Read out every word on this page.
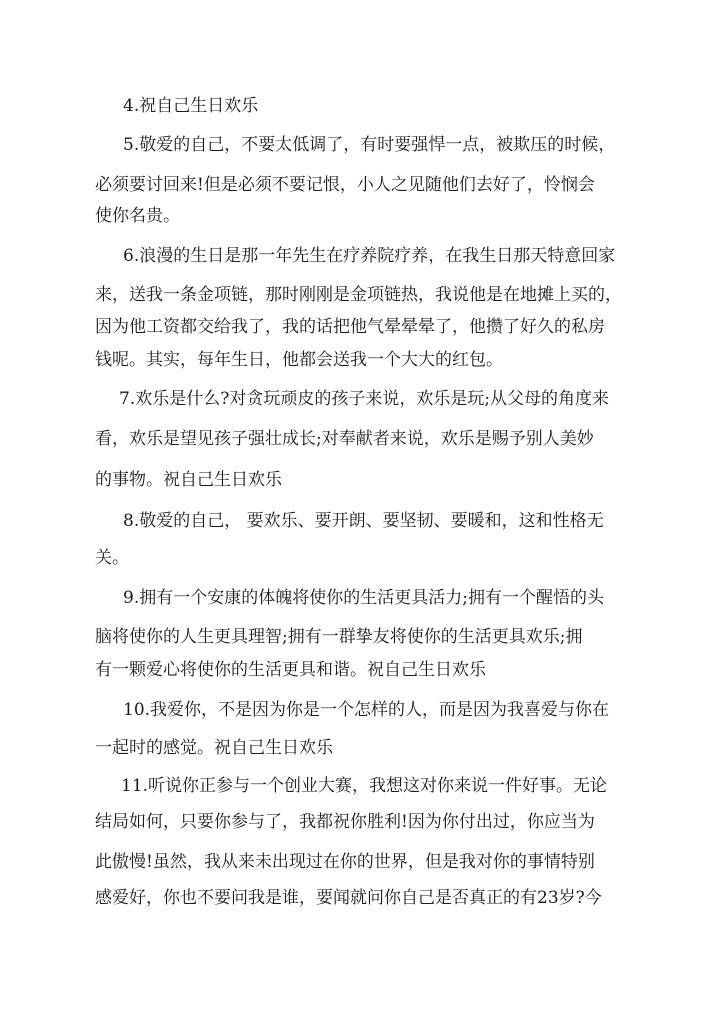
4.祝自己生日欢乐
5.敬爱的自己，不要太低调了，有时要强悍一点，被欺压的时候，
必须要讨回来!但是必须不要记恨，小人之见随他们去好了，怜悯会
使你名贵。
6.浪漫的生日是那一年先生在疗养院疗养，在我生日那天特意回家
来，送我一条金项链，那时刚刚是金项链热，我说他是在地摊上买的，
因为他工资都交给我了，我的话把他气晕晕晕了，他攒了好久的私房
钱呢。其实，每年生日，他都会送我一个大大的红包。
7.欢乐是什么?对贪玩顽皮的孩子来说，欢乐是玩;从父母的角度来
看，欢乐是望见孩子强壮成长;对奉献者来说，欢乐是赐予别人美妙
的事物。祝自己生日欢乐
8.敬爱的自己， 要欢乐、要开朗、要坚韧、要暖和，这和性格无
关。
9.拥有一个安康的体魄将使你的生活更具活力;拥有一个醒悟的头
脑将使你的人生更具理智;拥有一群挚友将使你的生活更具欢乐;拥
有一颗爱心将使你的生活更具和谐。祝自己生日欢乐
10.我爱你，不是因为你是一个怎样的人，而是因为我喜爱与你在
一起时的感觉。祝自己生日欢乐
11.听说你正参与一个创业大赛，我想这对你来说一件好事。无论
结局如何，只要你参与了，我都祝你胜利!因为你付出过，你应当为
此傲慢!虽然，我从来未出现过在你的世界，但是我对你的事情特别
感爱好，你也不要问我是谁，要闻就问你自己是否真正的有23岁?今
